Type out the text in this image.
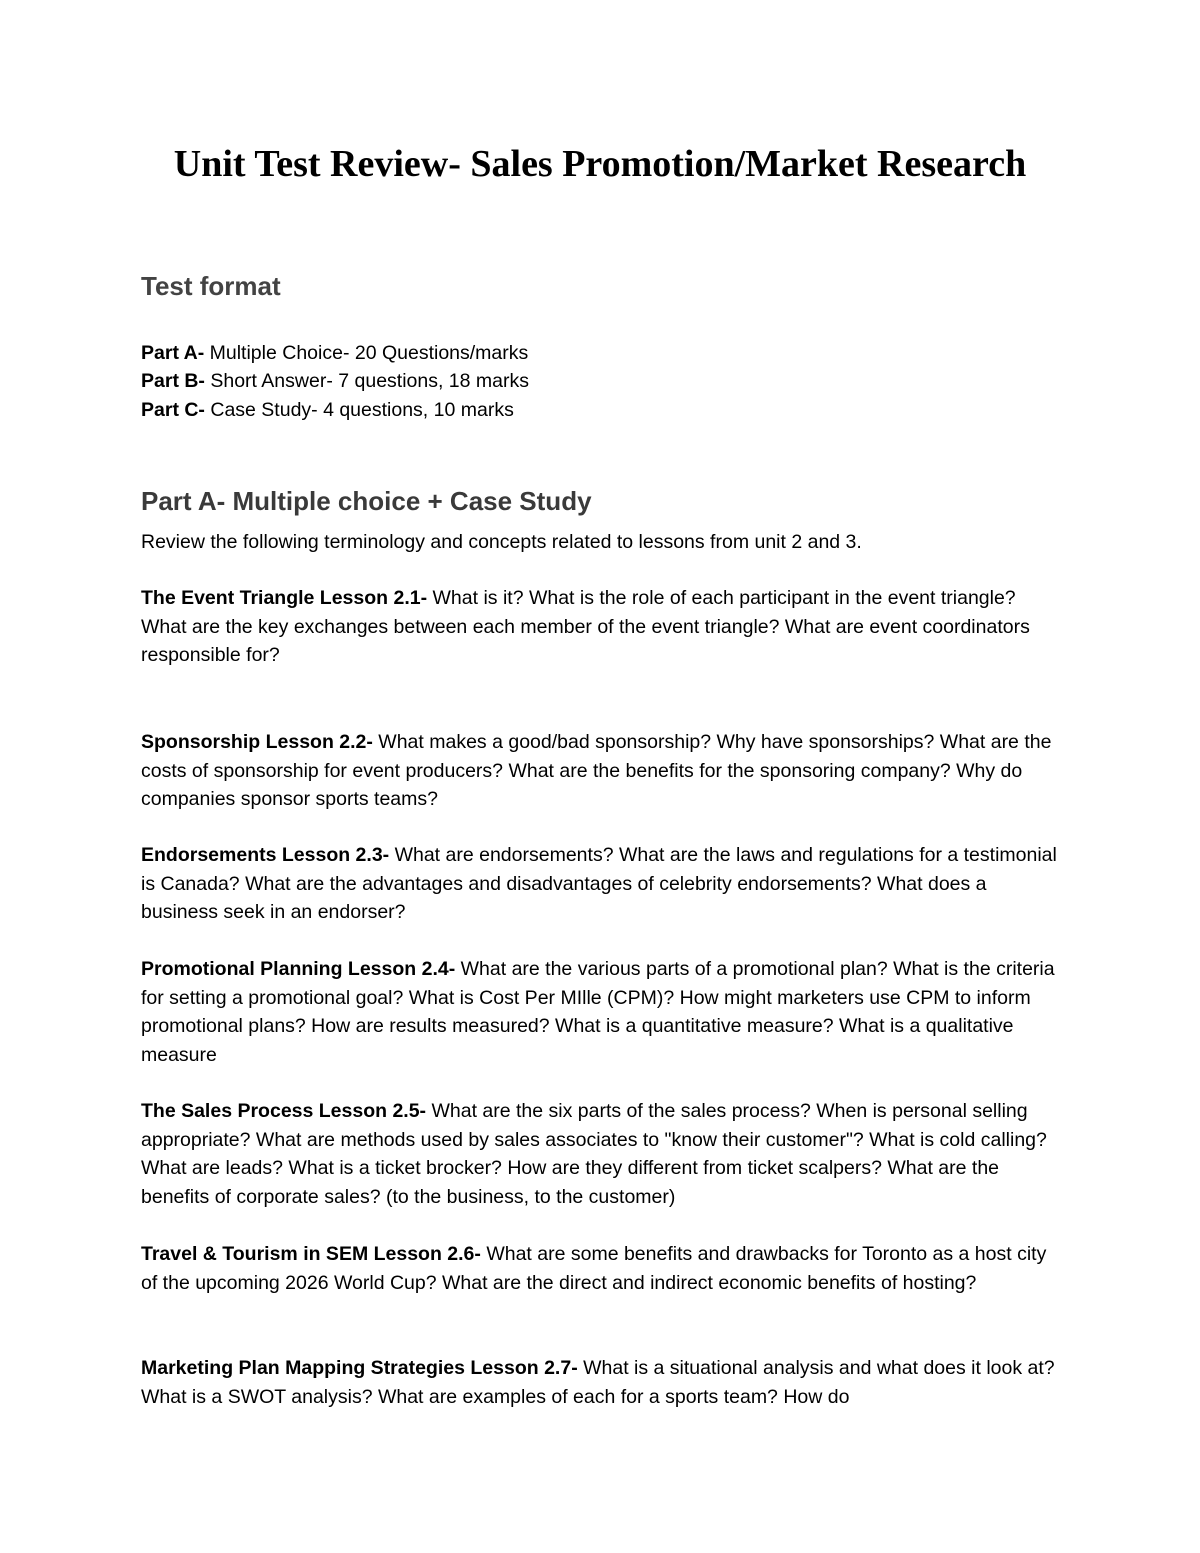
Unit Test Review- Sales Promotion/Market Research
Test format
Part A- Multiple Choice- 20 Questions/marks
Part B- Short Answer- 7 questions, 18 marks
Part C- Case Study- 4 questions, 10 marks
Part A- Multiple choice + Case Study

Review the following terminology and concepts related to lessons from unit 2 and 3.

The Event Triangle Lesson 2.1- What is it? What is the role of each participant in the event triangle? What are the key exchanges between each member of the event triangle? What are event coordinators responsible for?

Sponsorship Lesson 2.2- What makes a good/bad sponsorship? Why have sponsorships? What are the costs of sponsorship for event producers? What are the benefits for the sponsoring company? Why do companies sponsor sports teams?

Endorsements Lesson 2.3- What are endorsements? What are the laws and regulations for a testimonial is Canada? What are the advantages and disadvantages of celebrity endorsements? What does a business seek in an endorser?

Promotional Planning Lesson 2.4- What are the various parts of a promotional plan? What is the criteria for setting a promotional goal? What is Cost Per MIlle (CPM)? How might marketers use CPM to inform promotional plans? How are results measured? What is a quantitative measure? What is a qualitative measure

The Sales Process Lesson 2.5- What are the six parts of the sales process? When is personal selling appropriate? What are methods used by sales associates to "know their customer"? What is cold calling? What are leads? What is a ticket brocker? How are they different from ticket scalpers? What are the benefits of corporate sales? (to the business, to the customer)

Travel & Tourism in SEM Lesson 2.6- What are some benefits and drawbacks for Toronto as a host city of the upcoming 2026 World Cup? What are the direct and indirect economic benefits of hosting?

Marketing Plan Mapping Strategies Lesson 2.7- What is a situational analysis and what does it look at? What is a SWOT analysis? What are examples of each for a sports team? How do
